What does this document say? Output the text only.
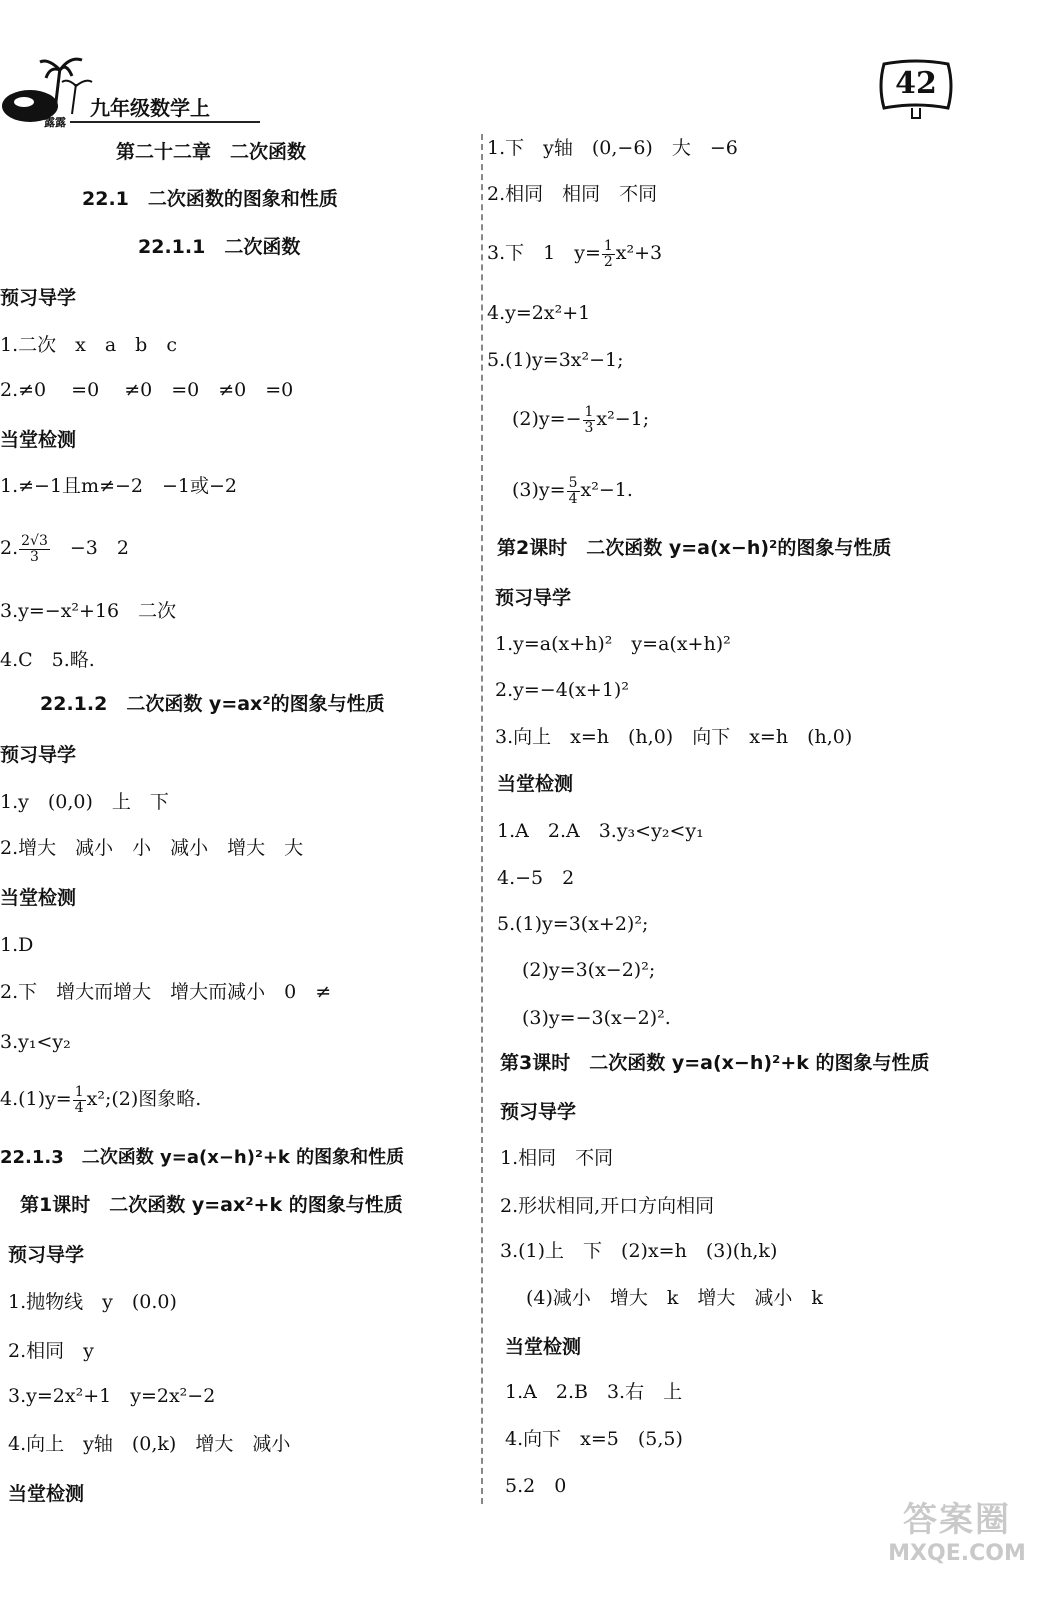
露露
九年级数学上
42
第二十二章　二次函数
22.1　二次函数的图象和性质
22.1.1　二次函数
预习导学
1.二次　x　a　b　c
2.≠0　 =0　 ≠0　=0　≠0　=0
当堂检测
1.≠−1且m≠−2　−1或−2
2. $\frac{2√3}{3}$ 　−3　2
3.y=−x²+16　二次
4.C　5.略.
22.1.2　二次函数 y=ax²的图象与性质
预习导学
1.y　(0,0)　上　下
2.增大　减小　小　减小　增大　大
当堂检测
1.D
2.下　增大而增大　增大而减小　0　≠
3.y₁<y₂
$4.(1)y= \frac{1}{4}$ x²;(2)图象略.
22.1.3　二次函数 y=a(x−h)²+k 的图象和性质
第1课时　二次函数 y=ax²+k 的图象与性质
预习导学
1.抛物线　y　(0.0)
2.相同　y
3.y=2x²+1　y=2x²−2
4.向上　y轴　(0,k)　增大　减小
当堂检测
1.下　y轴　(0,−6)　大　−6
2.相同　相同　不同
3.下　1　$y= \frac{1}{2} x^2+3$
4.y=2x²+1
5.(1)y=3x²−1;
$(2)y=- \frac{1}{3} x^2-1$;
$(3)y= \frac{5}{4} x^2-1$.
第2课时　二次函数 y=a(x−h)²的图象与性质
预习导学
1.y=a(x+h)²　y=a(x+h)²
2.y=−4(x+1)²
3.向上　x=h　(h,0)　向下　x=h　(h,0)
当堂检测
1.A　2.A　3.y₃<y₂<y₁
4.−5　2
5.(1)y=3(x+2)²;
(2)y=3(x−2)²;
(3)y=−3(x−2)².
第3课时　二次函数 y=a(x−h)²+k 的图象与性质
预习导学
1.相同　不同
2.形状相同,开口方向相同
3.(1)上　下　(2)x=h　(3)(h,k)
(4)减小　增大　k　增大　减小　k
当堂检测
1.A　2.B　3.右　上
4.向下　x=5　(5,5)
5.2　0
答案圈
MXQE.COM
